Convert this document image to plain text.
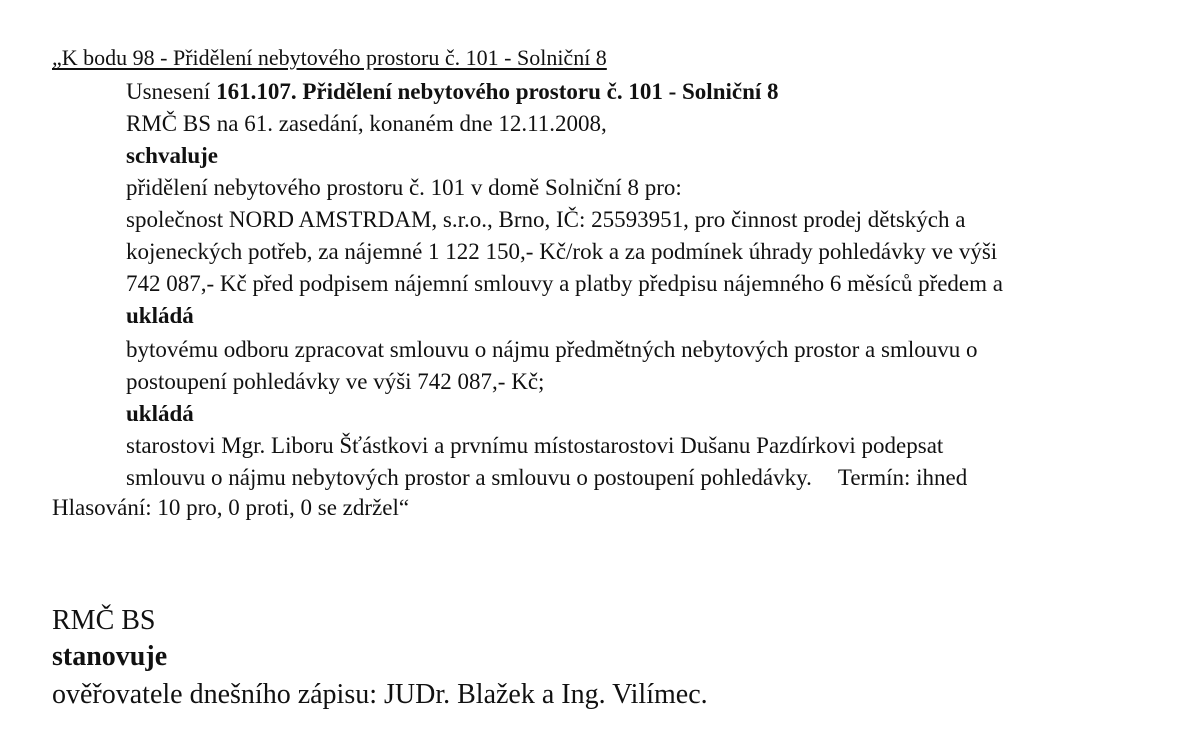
„K bodu 98 - Přidělení nebytového prostoru č. 101 - Solniční 8
Usnesení 161.107. Přidělení nebytového prostoru č. 101 - Solniční 8
RMČ BS na 61. zasedání, konaném dne 12.11.2008,
schvaluje
přidělení nebytového prostoru č. 101 v domě Solniční 8 pro:
společnost NORD AMSTRDAM, s.r.o., Brno, IČ: 25593951, pro činnost prodej dětských a
kojeneckých potřeb, za nájemné 1 122 150,- Kč/rok a za podmínek úhrady pohledávky ve výši
742 087,- Kč před podpisem nájemní smlouvy a platby předpisu nájemného 6 měsíců předem a
ukládá
bytovému odboru zpracovat smlouvu o nájmu předmětných nebytových prostor a smlouvu o
postoupení pohledávky ve výši 742 087,- Kč;
ukládá
starostovi Mgr. Liboru Šťástkovi a prvnímu místostarostovi Dušanu Pazdírkovi podepsat
smlouvu o nájmu nebytových prostor a smlouvu o postoupení pohledávky. Termín: ihned
Hlasování: 10 pro, 0 proti, 0 se zdržel“
RMČ BS
stanovuje
ověřovatele dnešního zápisu: JUDr. Blažek a Ing. Vilímec.
